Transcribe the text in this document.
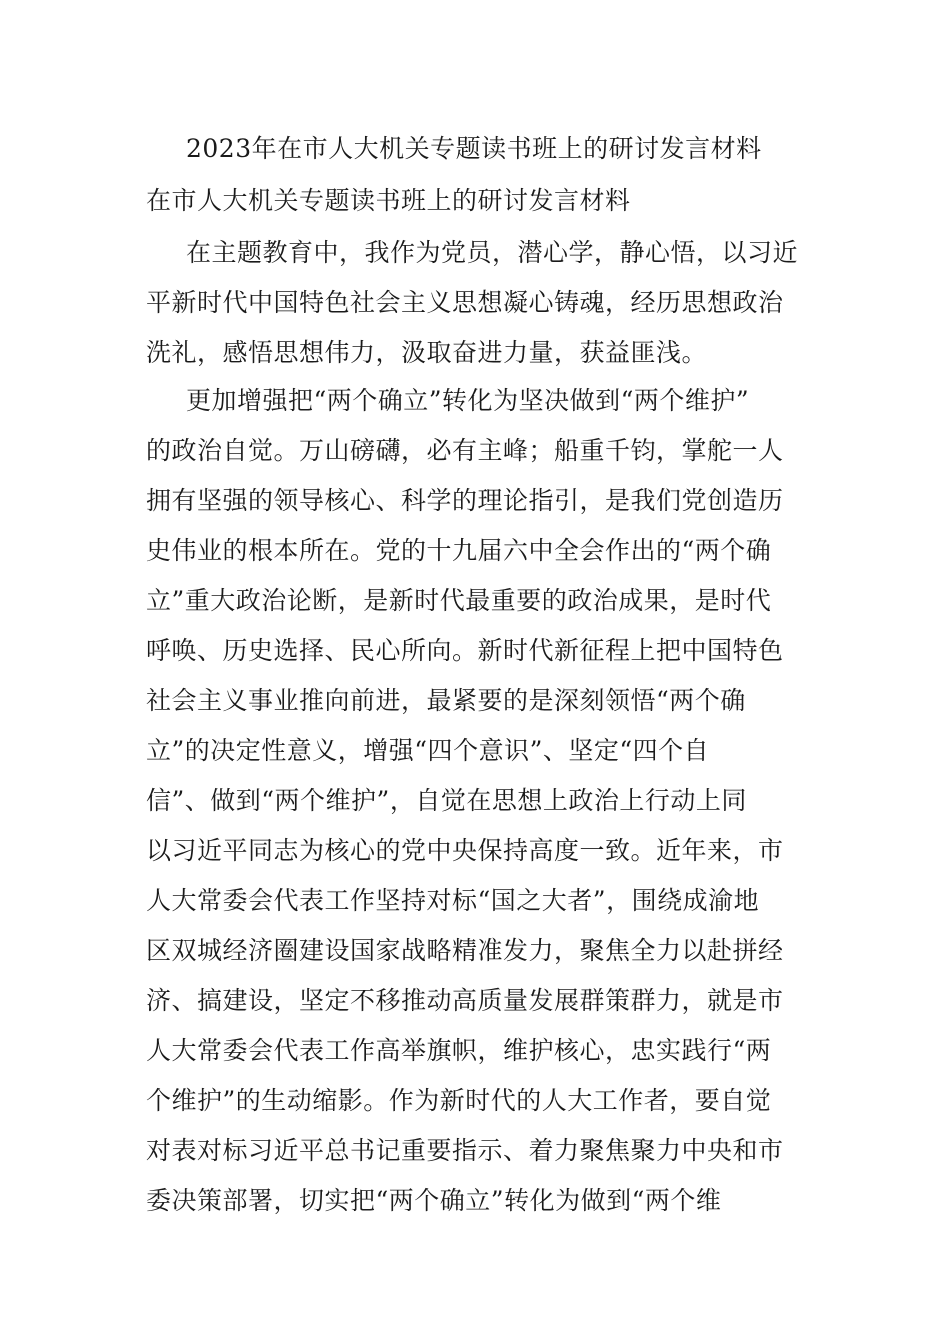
2023年在市人大机关专题读书班上的研讨发言材料
在市人大机关专题读书班上的研讨发言材料
在主题教育中，我作为党员，潜心学，静心悟，以习近
平新时代中国特色社会主义思想凝心铸魂，经历思想政治
洗礼，感悟思想伟力，汲取奋进力量，获益匪浅。
更加增强把“两个确立”转化为坚决做到“两个维护”
的政治自觉。万山磅礴，必有主峰；船重千钧，掌舵一人
拥有坚强的领导核心、科学的理论指引，是我们党创造历
史伟业的根本所在。党的十九届六中全会作出的“两个确
立”重大政治论断，是新时代最重要的政治成果，是时代
呼唤、历史选择、民心所向。新时代新征程上把中国特色
社会主义事业推向前进，最紧要的是深刻领悟“两个确
立”的决定性意义，增强“四个意识”、坚定“四个自
信”、做到“两个维护”，自觉在思想上政治上行动上同
以习近平同志为核心的党中央保持高度一致。近年来，市
人大常委会代表工作坚持对标“国之大者”，围绕成渝地
区双城经济圈建设国家战略精准发力，聚焦全力以赴拼经
济、搞建设，坚定不移推动高质量发展群策群力，就是市
人大常委会代表工作高举旗帜，维护核心，忠实践行“两
个维护”的生动缩影。作为新时代的人大工作者，要自觉
对表对标习近平总书记重要指示、着力聚焦聚力中央和市
委决策部署，切实把“两个确立”转化为做到“两个维
